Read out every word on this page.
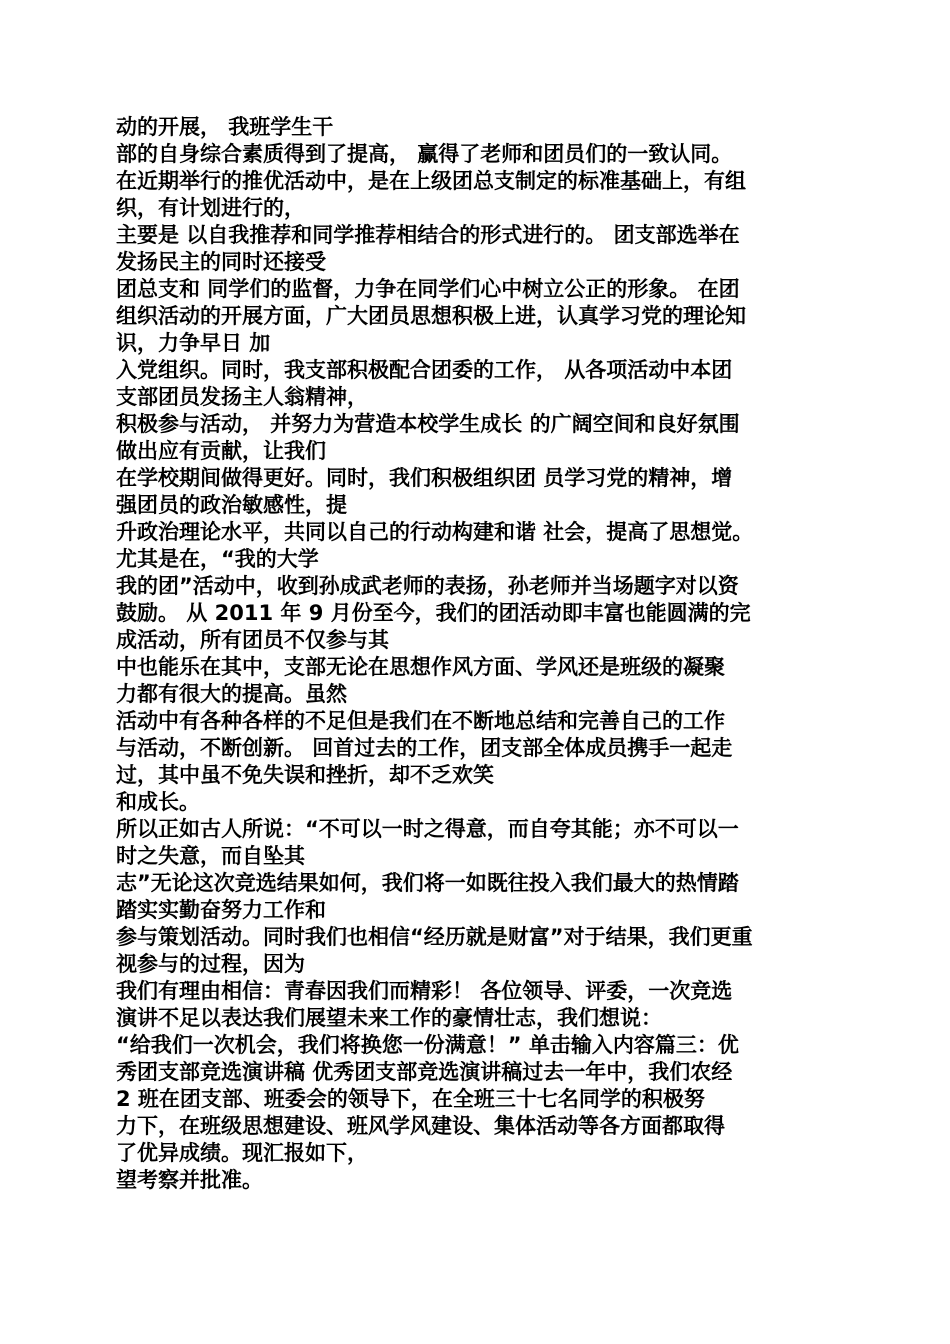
动的开展， 我班学生干
部的自身综合素质得到了提高， 赢得了老师和团员们的一致认同。
在近期举行的推优活动中，是在上级团总支制定的标准基础上，有组
织，有计划进行的，
主要是 以自我推荐和同学推荐相结合的形式进行的。 团支部选举在
发扬民主的同时还接受
团总支和 同学们的监督，力争在同学们心中树立公正的形象。 在团
组织活动的开展方面，广大团员思想积极上进，认真学习党的理论知
识，力争早日 加
入党组织。同时，我支部积极配合团委的工作， 从各项活动中本团
支部团员发扬主人翁精神，
积极参与活动， 并努力为营造本校学生成长 的广阔空间和良好氛围
做出应有贡献，让我们
在学校期间做得更好。同时，我们积极组织团 员学习党的精神，增
强团员的政治敏感性，提
升政治理论水平，共同以自己的行动构建和谐 社会，提高了思想觉。
尤其是在，“我的大学
我的团”活动中，收到孙成武老师的表扬，孙老师并当场题字对以资
鼓励。 从 2011 年 9 月份至今，我们的团活动即丰富也能圆满的完
成活动，所有团员不仅参与其
中也能乐在其中，支部无论在思想作风方面、学风还是班级的凝聚
力都有很大的提高。虽然
活动中有各种各样的不足但是我们在不断地总结和完善自己的工作
与活动，不断创新。 回首过去的工作，团支部全体成员携手一起走
过，其中虽不免失误和挫折，却不乏欢笑
和成长。
所以正如古人所说：“不可以一时之得意，而自夸其能；亦不可以一
时之失意，而自坠其
志”无论这次竞选结果如何，我们将一如既往投入我们最大的热情踏
踏实实勤奋努力工作和
参与策划活动。同时我们也相信“经历就是财富”对于结果，我们更重
视参与的过程，因为
我们有理由相信：青春因我们而精彩！ 各位领导、评委，一次竞选
演讲不足以表达我们展望未来工作的豪情壮志，我们想说：
“给我们一次机会，我们将换您一份满意！” 单击输入内容篇三：优
秀团支部竞选演讲稿 优秀团支部竞选演讲稿过去一年中，我们农经
2 班在团支部、班委会的领导下，在全班三十七名同学的积极努
力下，在班级思想建设、班风学风建设、集体活动等各方面都取得
了优异成绩。现汇报如下，
望考察并批准。
